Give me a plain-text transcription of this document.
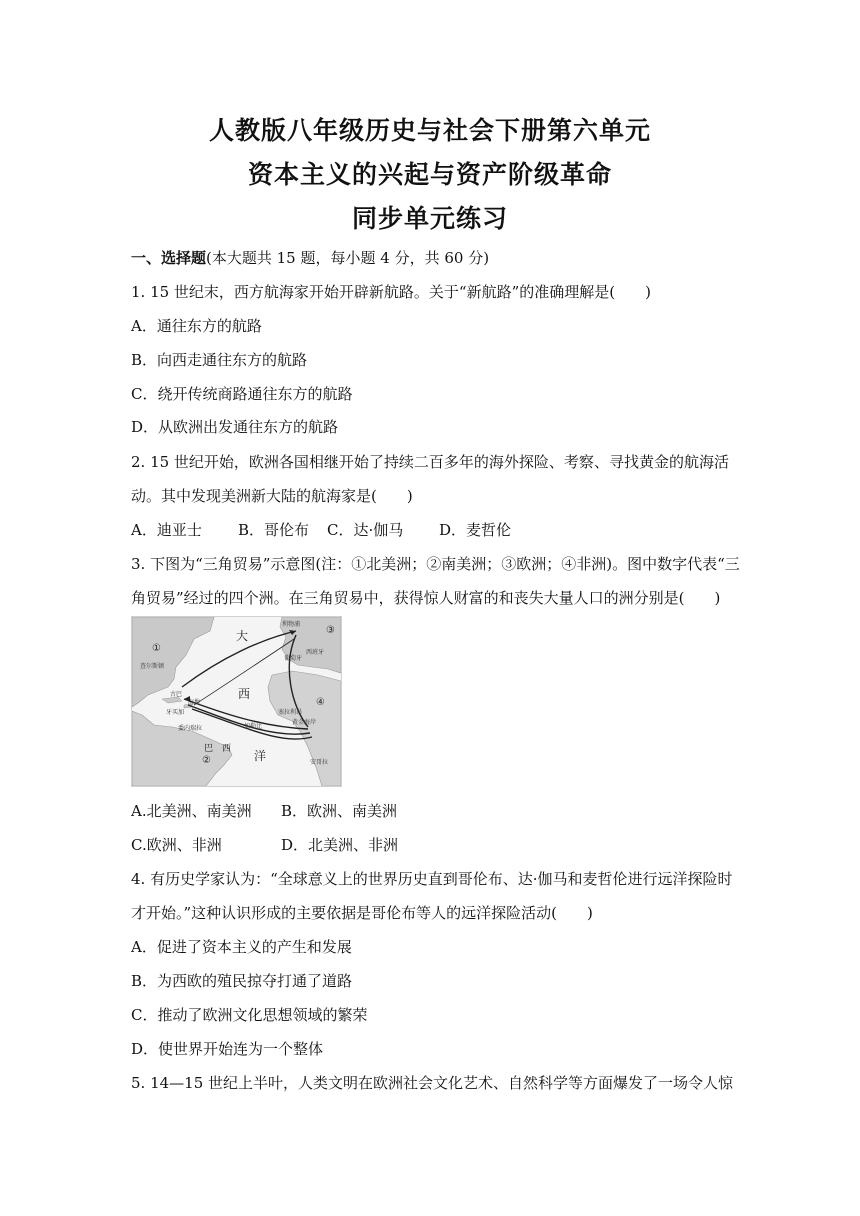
人教版八年级历史与社会下册第六单元
资本主义的兴起与资产阶级革命
同步单元练习
一、选择题(本大题共 15 题，每小题 4 分，共 60 分)
1. 15 世纪末，西方航海家开始开辟新航路。关于“新航路”的准确理解是(　　)
A．通往东方的航路
B．向西走通往东方的航路
C．绕开传统商路通往东方的航路
D．从欧洲出发通往东方的航路
2. 15 世纪开始，欧洲各国相继开始了持续二百多年的海外探险、考察、寻找黄金的航海活
动。其中发现美洲新大陆的航海家是(　　)
A．迪亚士 B．哥伦布 C．达·伽马 D．麦哲伦
3. 下图为“三角贸易”示意图(注：①北美洲；②南美洲；③欧洲；④非洲)。图中数字代表“三
角贸易”经过的四个洲。在三角贸易中，获得惊人财富的和丧失大量人口的洲分别是(　　)
大
西
洋
①
②
③
④
巴　西
查尔斯顿
古巴
牙买加
海地
委内瑞拉
利物浦
西班牙
葡萄牙
塞拉利昂
黄金海岸
安哥拉
加勒比
A.北美洲、南美洲 B．欧洲、南美洲
C.欧洲、非洲	D．北美洲、非洲
4. 有历史学家认为：“全球意义上的世界历史直到哥伦布、达·伽马和麦哲伦进行远洋探险时
才开始。”这种认识形成的主要依据是哥伦布等人的远洋探险活动(　　)
A．促进了资本主义的产生和发展
B．为西欧的殖民掠夺打通了道路
C．推动了欧洲文化思想领域的繁荣
D．使世界开始连为一个整体
5. 14—15 世纪上半叶，人类文明在欧洲社会文化艺术、自然科学等方面爆发了一场令人惊
